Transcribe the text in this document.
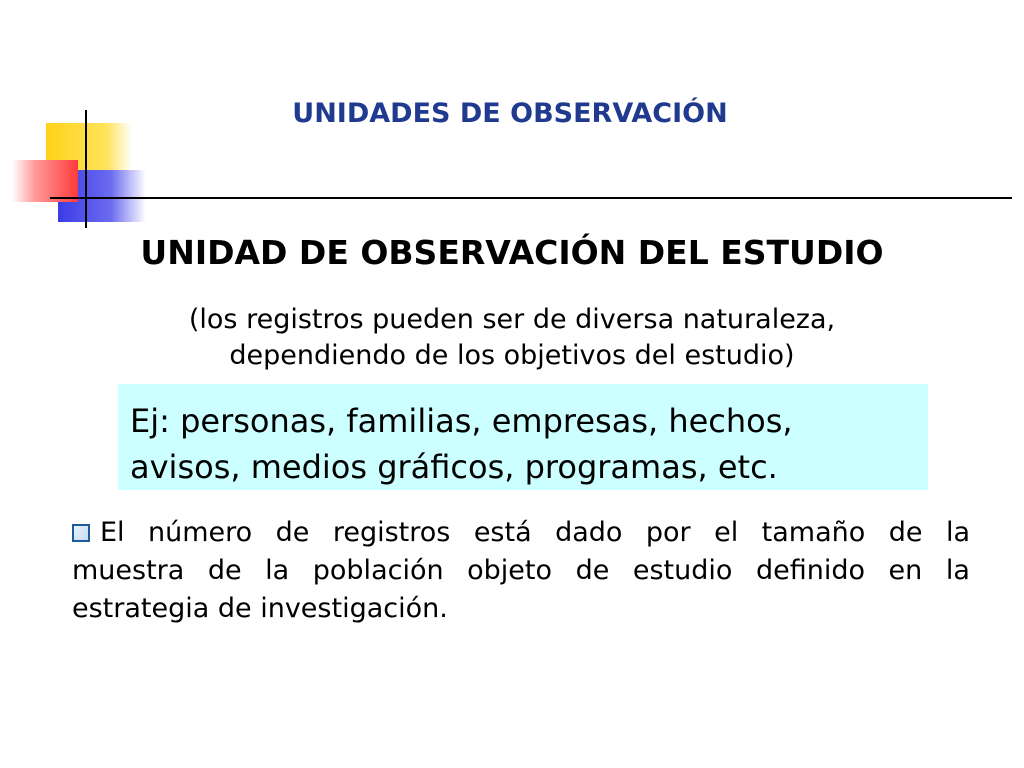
UNIDADES DE OBSERVACIÓN
UNIDAD DE OBSERVACIÓN DEL ESTUDIO
(los registros pueden ser de diversa naturaleza,
dependiendo de los objetivos del estudio)
Ej: personas, familias, empresas, hechos,
avisos, medios gráficos, programas, etc.
El número de registros está dado por el tamaño de la
muestra de la población objeto de estudio definido en la
estrategia de investigación.
